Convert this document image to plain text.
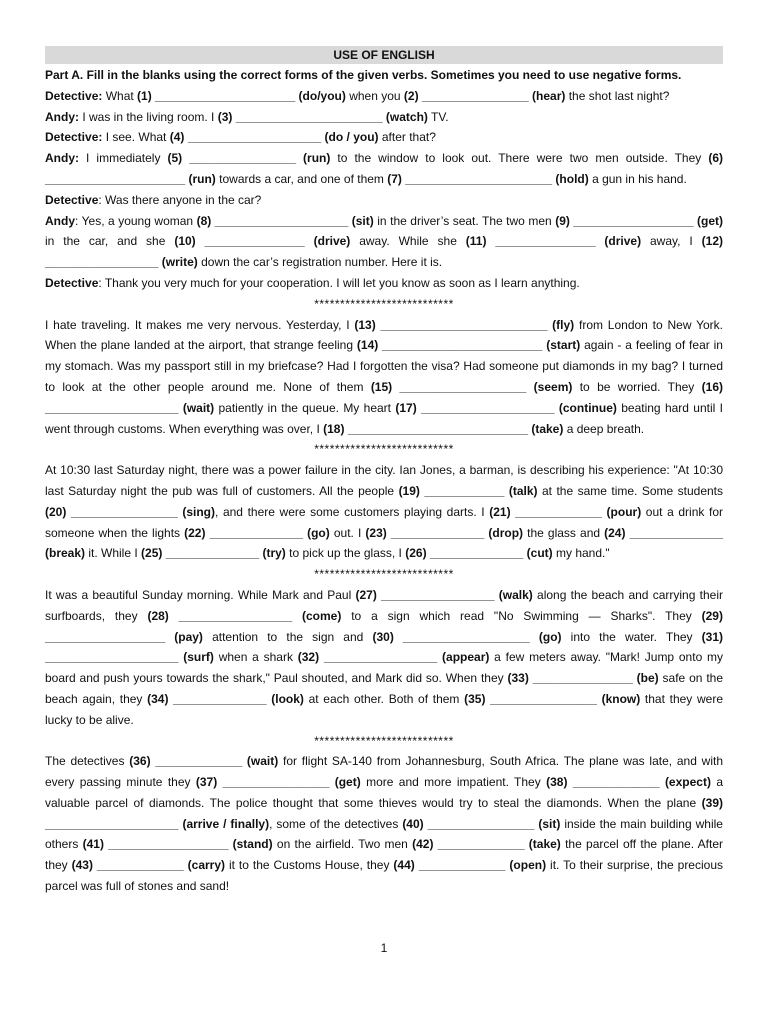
USE OF ENGLISH

Part A. Fill in the blanks using the correct forms of the given verbs. Sometimes you need to use negative forms.

Detective: What (1) _____________________ (do/you) when you (2) ________________ (hear) the shot last night?
Andy: I was in the living room. I (3) ______________________ (watch) TV.
Detective: I see. What (4) ____________________ (do / you) after that?
Andy: I immediately (5) ________________ (run) to the window to look out. There were two men outside. They (6) _____________________ (run) towards a car, and one of them (7) ______________________ (hold) a gun in his hand.
Detective: Was there anyone in the car?
Andy: Yes, a young woman (8) ____________________ (sit) in the driver’s seat. The two men (9) __________________ (get) in the car, and she (10) _______________ (drive) away. While she (11) _______________ (drive) away, I (12) _________________ (write) down the car’s registration number. Here it is.
Detective: Thank you very much for your cooperation. I will let you know as soon as I learn anything.

***************************

I hate traveling. It makes me very nervous. Yesterday, I (13) _________________________ (fly) from London to New York. When the plane landed at the airport, that strange feeling (14) ________________________ (start) again - a feeling of fear in my stomach. Was my passport still in my briefcase? Had I forgotten the visa? Had someone put diamonds in my bag? I turned to look at the other people around me. None of them (15) ___________________ (seem) to be worried. They (16) ____________________ (wait) patiently in the queue. My heart (17) ____________________ (continue) beating hard until I went through customs. When everything was over, I (18) ___________________________ (take) a deep breath.

***************************

At 10:30 last Saturday night, there was a power failure in the city. Ian Jones, a barman, is describing his experience: "At 10:30 last Saturday night the pub was full of customers. All the people (19) ____________ (talk) at the same time. Some students (20) ________________ (sing), and there were some customers playing darts. I (21) _____________ (pour) out a drink for someone when the lights (22) ______________ (go) out. I (23) ______________ (drop) the glass and (24) ______________ (break) it. While I (25) ______________ (try) to pick up the glass, I (26) ______________ (cut) my hand."

***************************

It was a beautiful Sunday morning. While Mark and Paul (27) _________________ (walk) along the beach and carrying their surfboards, they (28) _________________ (come) to a sign which read "No Swimming — Sharks". They (29) __________________ (pay) attention to the sign and (30) ___________________ (go) into the water. They (31) ____________________ (surf) when a shark (32) _________________ (appear) a few meters away. "Mark! Jump onto my board and push yours towards the shark," Paul shouted, and Mark did so. When they (33) _______________ (be) safe on the beach again, they (34) ______________ (look) at each other. Both of them (35) ________________ (know) that they were lucky to be alive.

***************************

The detectives (36) _____________ (wait) for flight SA-140 from Johannesburg, South Africa. The plane was late, and with every passing minute they (37) ________________ (get) more and more impatient. They (38) _____________ (expect) a valuable parcel of diamonds. The police thought that some thieves would try to steal the diamonds. When the plane (39) ____________________ (arrive / finally), some of the detectives (40) ________________ (sit) inside the main building while others (41) __________________ (stand) on the airfield. Two men (42) _____________ (take) the parcel off the plane. After they (43) _____________ (carry) it to the Customs House, they (44) _____________ (open) it. To their surprise, the precious parcel was full of stones and sand!

1
